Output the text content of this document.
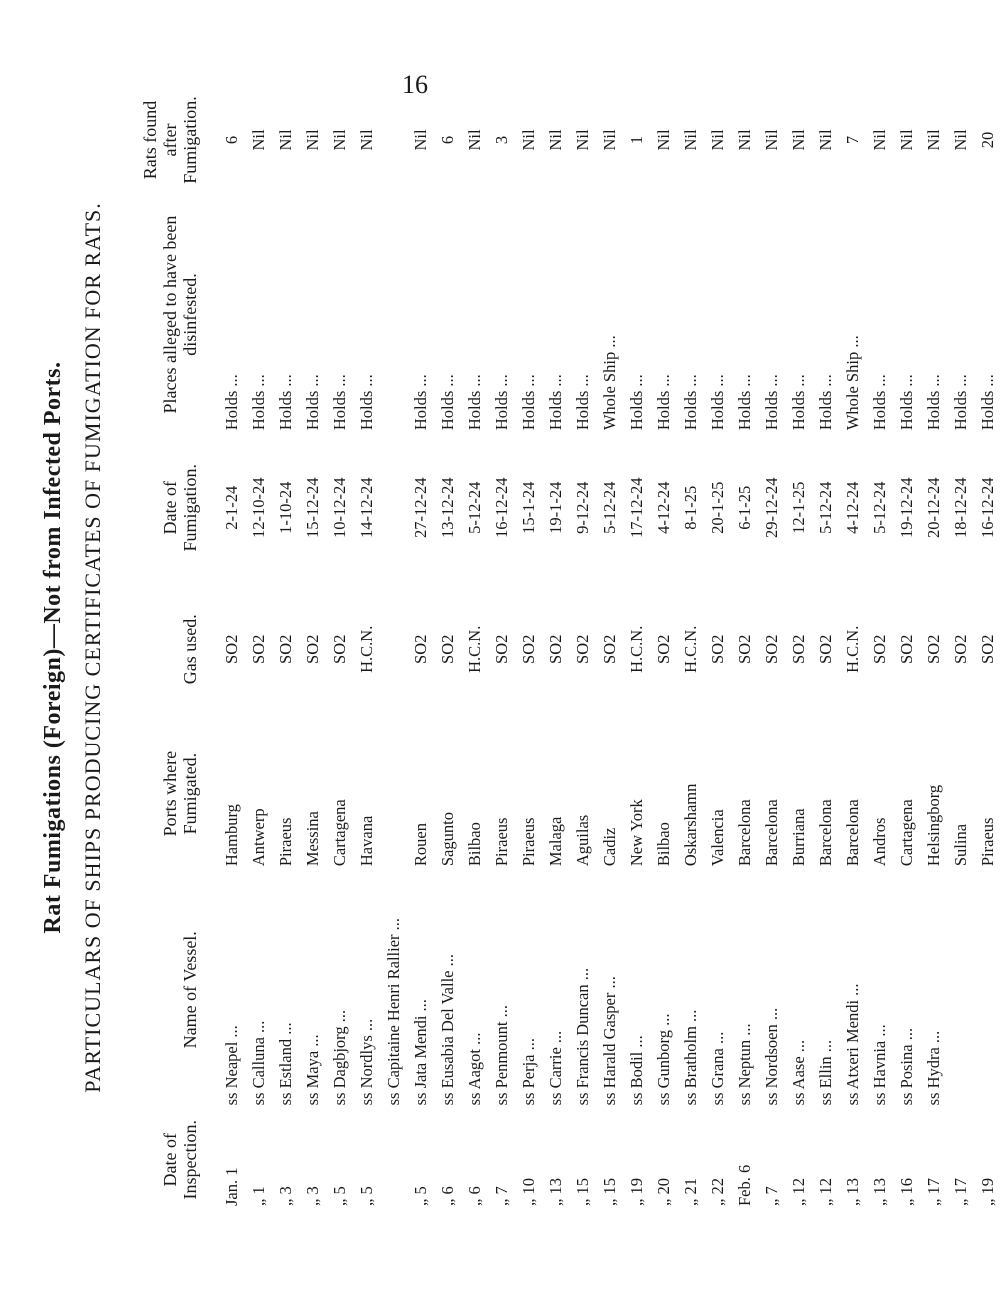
16
Rat Fumigations (Foreign)—Not from Infected Ports. PARTICULARS OF SHIPS PRODUCING CERTIFICATES OF FUMIGATION FOR RATS.
Date of Inspection.	Name of Vessel.	Ports where Fumigated.	Gas used.	Date of Fumigation.	Places alleged to have been disinfested.	Rats found after Fumigation.
Jan. 1	ss Neapel ...	Hamburg	SO2	2-1-24	Holds ...	6
„ 1	ss Calluna ...	Antwerp	SO2	12-10-24	Holds ...	Nil
„ 3	ss Estland ...	Piraeus	SO2	1-10-24	Holds ...	Nil
„ 3	ss Maya ...	Messina	SO2	15-12-24	Holds ...	Nil
„ 5	ss Dagbjorg ...	Cartagena	SO2	10-12-24	Holds ...	Nil
„ 5	ss Nordlys ...	Havana	H.C.N.	14-12-24	Holds ...	Nil
	ss Capitaine Henri Rallier ...					
„ 5	ss Jata Mendi ...	Rouen	SO2	27-12-24	Holds ...	Nil
„ 6	ss Eusabia Del Valle ...	Sagunto	SO2	13-12-24	Holds ...	6
„ 6	ss Aagot ...	Bilbao	H.C.N.	5-12-24	Holds ...	Nil
„ 7	ss Penmount ...	Piraeus	SO2	16-12-24	Holds ...	3
„ 10	ss Perja ...	Piraeus	SO2	15-1-24	Holds ...	Nil
„ 13	ss Carrie ...	Malaga	SO2	19-1-24	Holds ...	Nil
„ 15	ss Francis Duncan ...	Aguilas	SO2	9-12-24	Holds ...	Nil
„ 15	ss Harald Gasper ...	Cadiz	SO2	5-12-24	Whole Ship ...	Nil
„ 19	ss Bodil ...	New York	H.C.N.	17-12-24	Holds ...	1
„ 20	ss Gunborg ...	Bilbao	SO2	4-12-24	Holds ...	Nil
„ 21	ss Bratholm ...	Oskarshamn	H.C.N.	8-1-25	Holds ...	Nil
„ 22	ss Grana ...	Valencia	SO2	20-1-25	Holds ...	Nil
Feb. 6	ss Neptun ...	Barcelona	SO2	6-1-25	Holds ...	Nil
„ 7	ss Nordsoen ...	Barcelona	SO2	29-12-24	Holds ...	Nil
„ 12	ss Aase ...	Burriana	SO2	12-1-25	Holds ...	Nil
„ 12	ss Ellin ...	Barcelona	SO2	5-12-24	Holds ...	Nil
„ 13	ss Atxeri Mendi ...	Barcelona	H.C.N.	4-12-24	Whole Ship ...	7
„ 13	ss Havnia ...	Andros	SO2	5-12-24	Holds ...	Nil
„ 16	ss Posina ...	Cartagena	SO2	19-12-24	Holds ...	Nil
„ 17	ss Hydra ...	Helsingborg	SO2	20-12-24	Holds ...	Nil
„ 17		Sulina	SO2	18-12-24	Holds ...	Nil
„ 19		Piraeus	SO2	16-12-24	Holds ...	20
